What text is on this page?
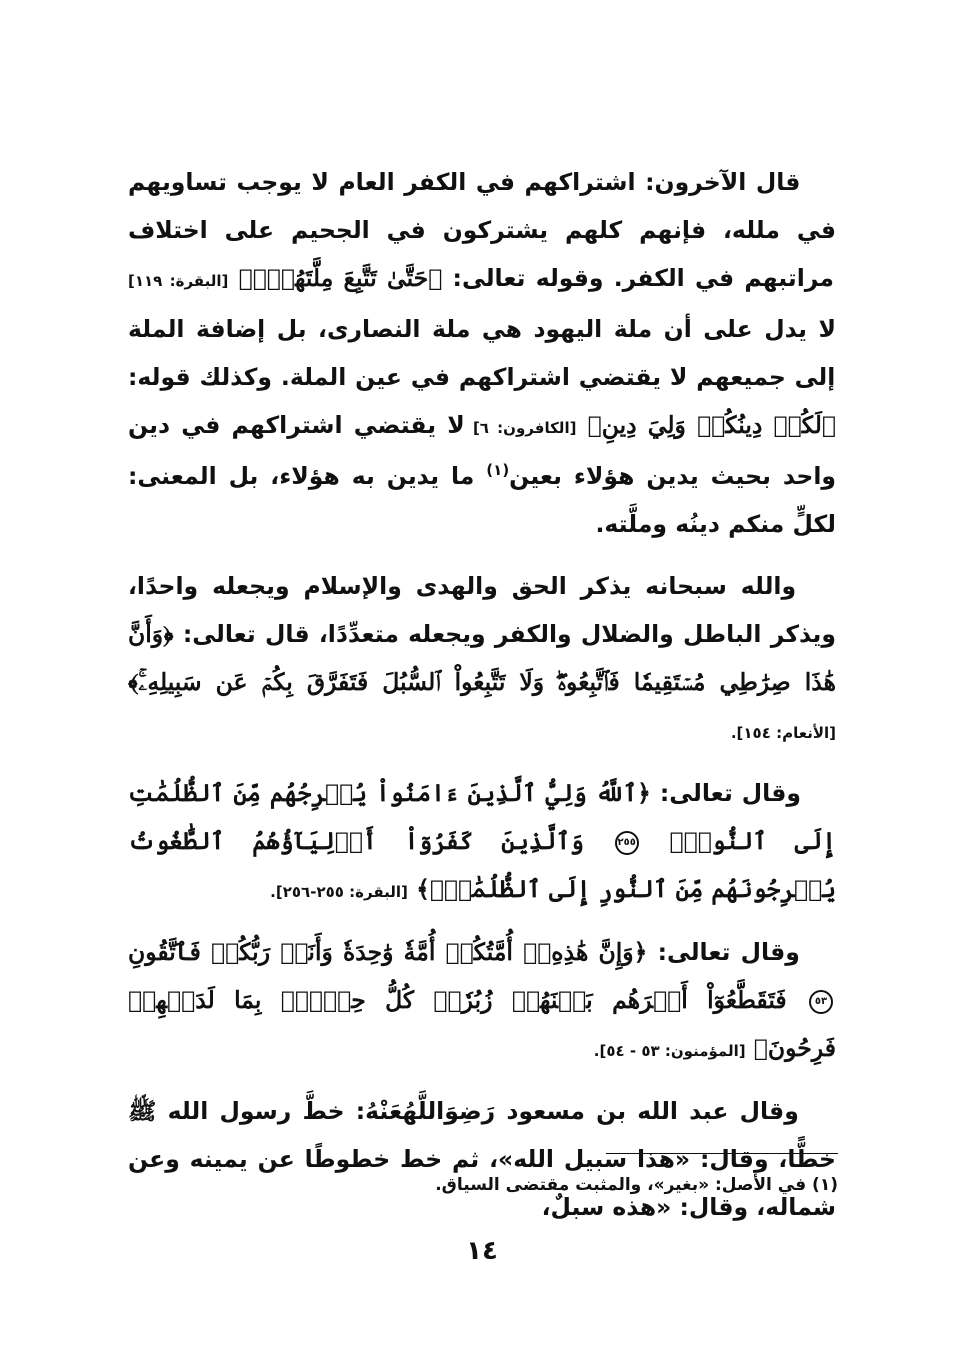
قال الآخرون: اشتراكهم في الكفر العام لا يوجب تساويهم في ملله، فإنهم كلهم يشتركون في الجحيم على اختلاف مراتبهم في الكفر. وقوله تعالى: ﴿حَتَّىٰ تَتَّبِعَ مِلَّتَهُمۡۗ﴾ [البقرة: ١١٩] لا يدل على أن ملة اليهود هي ملة النصارى، بل إضافة الملة إلى جميعهم لا يقتضي اشتراكهم في عين الملة. وكذلك قوله: ﴿لَكُمۡ دِينُكُمۡ وَلِيَ دِينِ﴾ [الكافرون: ٦] لا يقتضي اشتراكهم في دين واحد بحيث يدين هؤلاء بعين$^{(١)}$ ما يدين به هؤلاء، بل المعنى: لكلٍّ منكم دينُه وملَّته.

والله سبحانه يذكر الحق والهدى والإسلام ويجعله واحدًا، ويذكر الباطل والضلال والكفر ويجعله متعدِّدًا، قال تعالى: ﴿وَأَنَّ هَٰذَا صِرَٰطِي مُسۡتَقِيمٗا فَٱتَّبِعُوهُۖ وَلَا تَتَّبِعُواْ ٱلسُّبُلَ فَتَفَرَّقَ بِكُمۡ عَن سَبِيلِهِۦۚ﴾ [الأنعام: ١٥٤].

وقال تعالى: ﴿ٱللَّهُ وَلِيُّ ٱلَّذِينَ ءَامَنُواْ يُخۡرِجُهُم مِّنَ ٱلظُّلُمَٰتِ إِلَى ٱلنُّورِۖ ٢٥٥ وَٱلَّذِينَ كَفَرُوٓاْ أَوۡلِيَآؤُهُمُ ٱلطَّٰغُوتُ يُخۡرِجُونَهُم مِّنَ ٱلنُّورِ إِلَى ٱلظُّلُمَٰتِۗ﴾ [البقرة: ٢٥٥-٢٥٦].

وقال تعالى: ﴿وَإِنَّ هَٰذِهِۦٓ أُمَّتُكُمۡ أُمَّةٗ وَٰحِدَةٗ وَأَنَا۠ رَبُّكُمۡ فَٱتَّقُونِ ٥٣ فَتَقَطَّعُوٓاْ أَمۡرَهُم بَيۡنَهُمۡ زُبُرٗاۖ كُلُّ حِزۡبِۭ بِمَا لَدَيۡهِمۡ فَرِحُونَ﴾ [المؤمنون: ٥٣ - ٥٤].

وقال عبد الله بن مسعود رَضِوَاللَّهُعَنْهُ: خطَّ رسول الله ﷺ خطًّا، وقال: «هذا سبيل الله»، ثم خط خطوطًا عن يمينه وعن شماله، وقال: «هذه سبلٌ،

(١) في الأصل: «بغير»، والمثبت مقتضى السياق.
١٤
